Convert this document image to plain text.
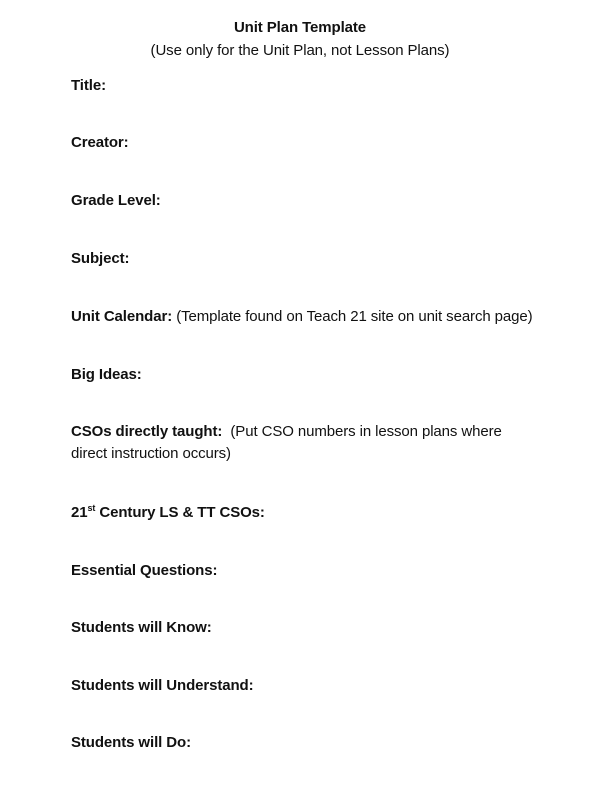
Unit Plan Template
(Use only for the Unit Plan, not Lesson Plans)
Title:
Creator:
Grade Level:
Subject:
Unit Calendar: (Template found on Teach 21 site on unit search page)
Big Ideas:
CSOs directly taught: (Put CSO numbers in lesson plans where direct instruction occurs)
21st Century LS & TT CSOs:
Essential Questions:
Students will Know:
Students will Understand:
Students will Do:
